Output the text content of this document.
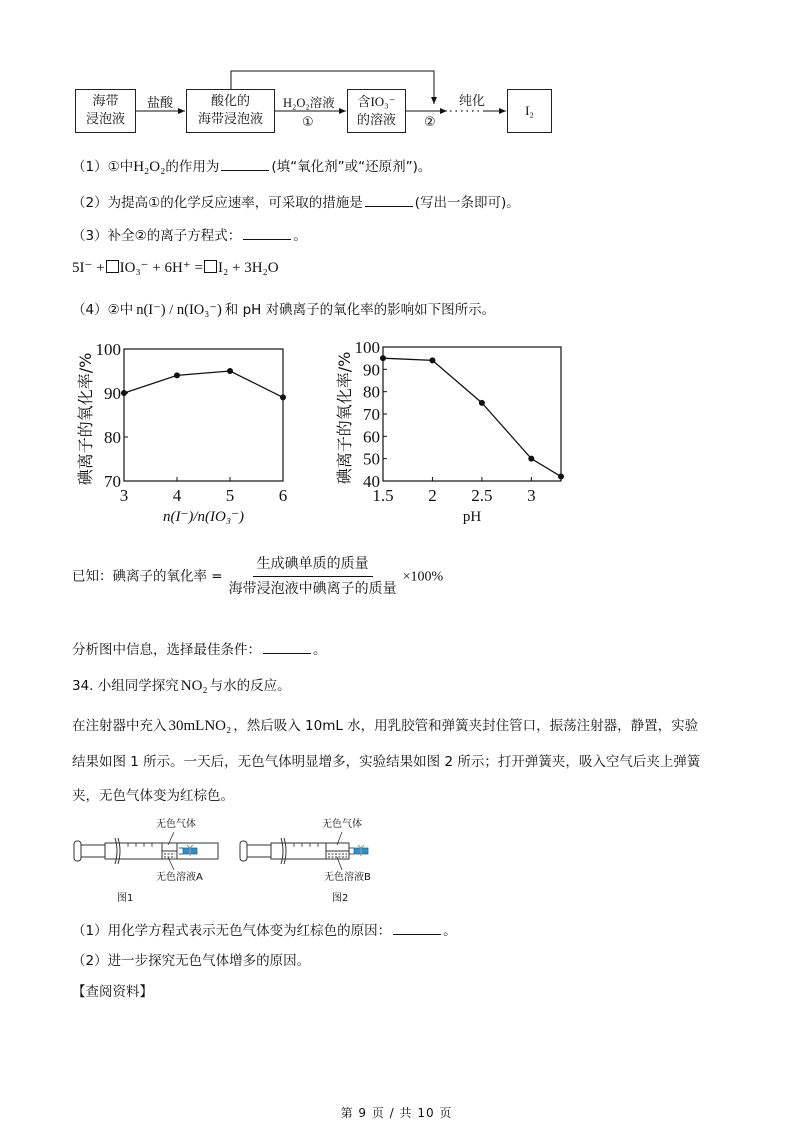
海带
浸泡液
酸化的
海带浸泡液
含IO₃⁻
的溶液
I₂
盐酸	H₂O₂溶液
①	②
纯化
（1）①中H₂O₂的作用为	(填“氧化剂”或“还原剂”)。
（2）为提高①的化学反应速率，可采取的措施是	(写出一条即可)。
（3）补全②的离子方程式：	。
5I⁻ + IO₃⁻ + 6H⁺ = I₂ + 3H₂O
（4）②中 n(I⁻) / n(IO₃⁻) 和 pH 对碘离子的氧化率的影响如下图所示。
70
80
90
100
3	4	5	6
碘离子的氧化率/%
n(I⁻)/n(IO₃⁻)
40
50
60
70
80
90
100
1.5 2 2.5 3
碘离子的氧化率/%
pH
已知：碘离子的氧化率 = $\frac{\text{生成碘单质的质量}}{\text{海带浸泡液中碘离子的质量}} \times 100\%$
分析图中信息，选择最佳条件：	。
34. 小组同学探究 NO₂ 与水的反应。
在注射器中充入 30mLNO₂ ，然后吸入 10mL 水，用乳胶管和弹簧夹封住管口，振荡注射器，静置，实验
结果如图 1 所示。一天后，无色气体明显增多，实验结果如图 2 所示；打开弹簧夹，吸入空气后夹上弹簧
夹，无色气体变为红棕色。
无色气体
无色溶液A
图1
无色气体
无色溶液B
图2
（1）用化学方程式表示无色气体变为红棕色的原因：	。
（2）进一步探究无色气体增多的原因。
【查阅资料】
第 9 页 / 共 10 页
